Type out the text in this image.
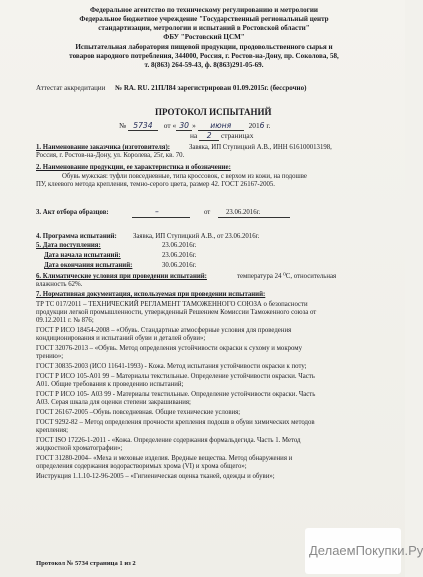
Федеральное агентство по техническому регулированию и метрологии
Федеральное бюджетное учреждение "Государственный региональный центр
стандартизации, метрологии и испытаний в Ростовской области"
ФБУ "Ростовский ЦСМ"
Испытательная лаборатория пищевой продукции, продовольственного сырья и
товаров народного потребления, 344000, Россия, г. Ростов-на-Дону, пр. Соколова, 58,
т. 8(863) 264-59-43, ф. 8(863)291-05-69.
Аттестат аккредитации № RA. RU. 21ПЛ84 зарегистрирован 01.09.2015г. (бессрочно)
ПРОТОКОЛ ИСПЫТАНИЙ
№ 5734 от « 30 » июня 2016 г.
на 2 страницах
1. Наименование заказчика (изготовителя):	Завяка, ИП Ступицкий А.В., ИНН 616100013198,
Россия, г. Ростов-на-Дону, ул. Королева, 25г, кв. 70.
2. Наименование продукции, ее характеристика и обозначение:
Обувь мужская: туфли повседневные, типа кроссовок, с верхом из кожи, на подошве
ПУ, клеевого метода крепления, темно-серого цвета, размер 42. ГОСТ 26167-2005.
3. Акт отбора образцов:	–	от 23.06.2016г.
4. Программа испытаний: Заявка, ИП Ступицкий А.В., от 23.06.2016г.
5. Дата поступления:	23.06.2016г.
Дата начала испытаний:	23.06.2016г.
Дата окончания испытаний:	30.06.2016г.
6. Климатические условия при проведении испытаний:	температура 24 ⁰С, относительная
влажность 62%.
7. Нормативная документация, используемая при проведении испытаний:
ТР ТС 017/2011 – ТЕХНИЧЕСКИЙ РЕГЛАМЕНТ ТАМОЖЕННОГО СОЮЗА о безопасности
продукции легкой промышленности, утвержденный Решением Комиссии Таможенного союза от
09.12.2011 г. № 876;
ГОСТ Р ИСО 18454-2008 – «Обувь. Стандартные атмосферные условия для проведения
кондиционирования и испытаний обуви и деталей обуви»;
ГОСТ 32076-2013 – «Обувь. Метод определения устойчивости окраски к сухому и мокрому
трению»;
ГОСТ 30835-2003 (ИСО 11641-1993) - Кожа. Метод испытания устойчивости окраски к поту;
ГОСТ Р ИСО 105-А01 99 – Материалы текстильные. Определение устойчивости окраски. Часть
А01. Общие требования к проведению испытаний;
ГОСТ Р ИСО 105- А03 99 - Материалы текстильные. Определение устойчивости окраски. Часть
А03. Серая шкала для оценки степени закрашивания;
ГОСТ 26167-2005 –Обувь повседневная. Общие технические условия;
ГОСТ 9292-82 – Метод определения прочности крепления подошв в обуви химических методов
крепления;
ГОСТ ISO 17226-1-2011 - «Кожа. Определение содержания формальдегида. Часть 1. Метод
жидкостной хроматографии»;
ГОСТ 31280-2004– «Меха и меховые изделия. Вредные вещества. Метод обнаружения и
определения содержания водорастворимых хрома (VI) и хрома общего»;
Инструкция 1.1.10-12-96-2005 – «Гигиеническая оценка тканей, одежды и обуви»;
Протокол № 5734 страница 1 из 2
ДелаемПокупки.Ру
